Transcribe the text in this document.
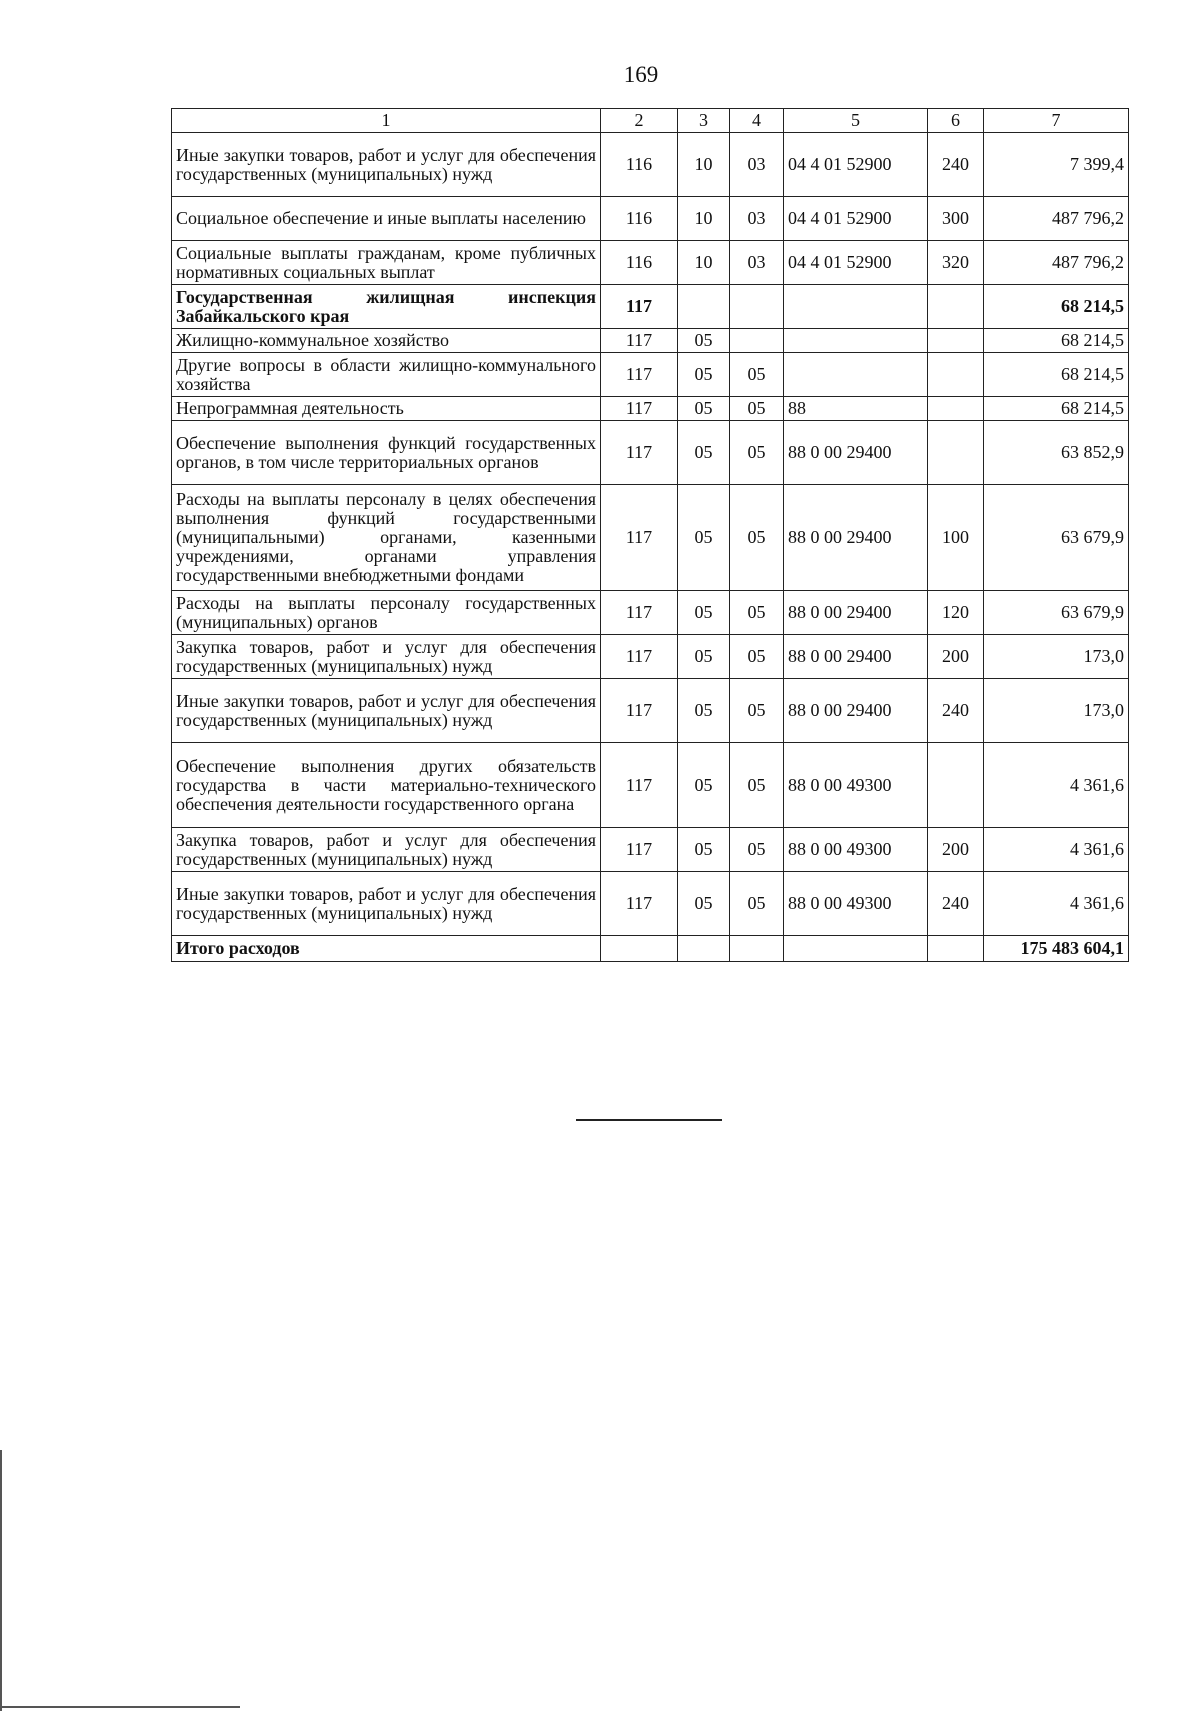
169
1	2	3	4	5	6	7
Иные закупки товаров, работ и услуг для обеспечения государственных (муниципальных) нужд	116	10	03	04 4 01 52900	240	7 399,4
Социальное обеспечение и иные выплаты населению	116	10	03	04 4 01 52900	300	487 796,2
Социальные выплаты гражданам, кроме публичных нормативных социальных выплат	116	10	03	04 4 01 52900	320	487 796,2
Государственная жилищная инспекция Забайкальского края	117					68 214,5
Жилищно-коммунальное хозяйство	117	05				68 214,5
Другие вопросы в области жилищно-коммунального хозяйства	117	05	05			68 214,5
Непрограммная деятельность	117	05	05	88		68 214,5
Обеспечение выполнения функций государственных органов, в том числе территориальных органов	117	05	05	88 0 00 29400		63 852,9
Расходы на выплаты персоналу в целях обеспечения выполнения функций государственными (муниципальными) органами, казенными учреждениями, органами управления государственными внебюджетными фондами	117	05	05	88 0 00 29400	100	63 679,9
Расходы на выплаты персоналу государственных (муниципальных) органов	117	05	05	88 0 00 29400	120	63 679,9
Закупка товаров, работ и услуг для обеспечения государственных (муниципальных) нужд	117	05	05	88 0 00 29400	200	173,0
Иные закупки товаров, работ и услуг для обеспечения государственных (муниципальных) нужд	117	05	05	88 0 00 29400	240	173,0
Обеспечение выполнения других обязательств государства в части материально-технического обеспечения деятельности государственного органа	117	05	05	88 0 00 49300		4 361,6
Закупка товаров, работ и услуг для обеспечения государственных (муниципальных) нужд	117	05	05	88 0 00 49300	200	4 361,6
Иные закупки товаров, работ и услуг для обеспечения государственных (муниципальных) нужд	117	05	05	88 0 00 49300	240	4 361,6
Итого расходов						175 483 604,1
